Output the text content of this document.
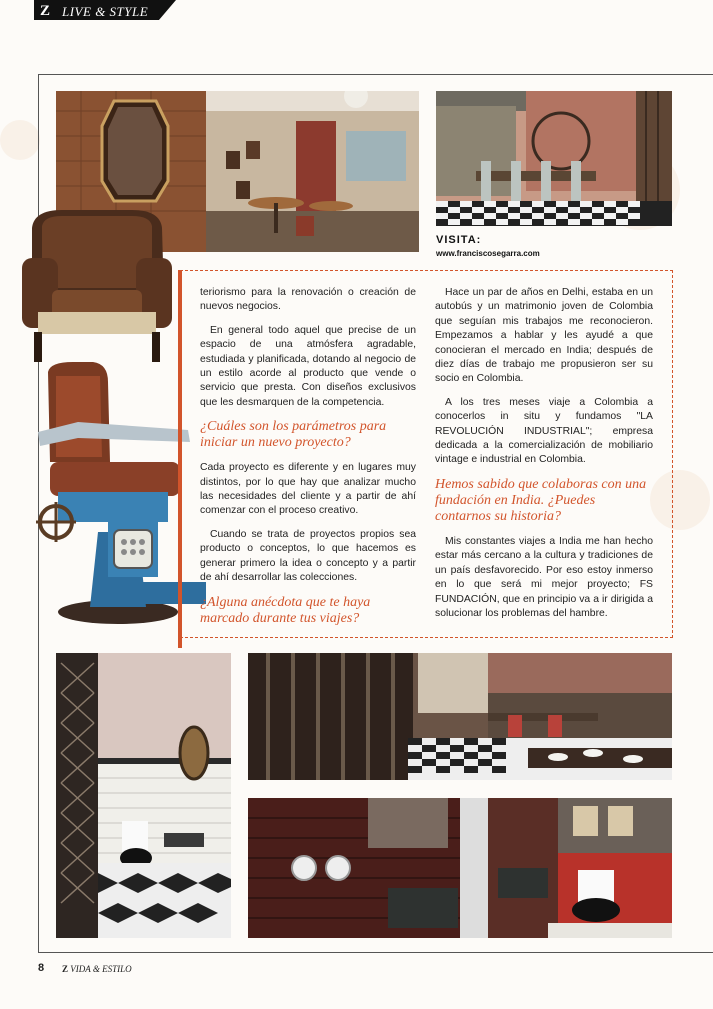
Z LIVE & STYLE
VISITA:
www.franciscosegarra.com

teriorismo para la renovación o creación de nuevos negocios.

En general todo aquel que precise de un espacio de una atmósfera agradable, estudiada y planificada, dotando al negocio de un estilo acorde al producto que vende o servicio que presta. Con diseños exclusivos que les desmarquen de la competencia.

¿Cuáles son los parámetros para iniciar un nuevo proyecto?

Cada proyecto es diferente y en lugares muy distintos, por lo que hay que analizar mucho las necesidades del cliente y a partir de ahí comenzar con el proceso creativo.

Cuando se trata de proyectos propios sea producto o conceptos, lo que hacemos es generar primero la idea o concepto y a partir de ahí desarrollar las colecciones.

¿Alguna anécdota que te haya marcado durante tus viajes?

Hace un par de años en Delhi, estaba en un autobús y un matrimonio joven de Colombia que seguían mis trabajos me reconocieron. Empezamos a hablar y les ayudé a que conocieran el mercado en India; después de diez días de trabajo me propusieron ser su socio en Colombia.

A los tres meses viaje a Colombia a conocerlos in situ y fundamos "LA REVOLUCIÓN INDUSTRIAL"; empresa dedicada a la comercialización de mobiliario vintage e industrial en Colombia.

Hemos sabido que colaboras con una fundación en India. ¿Puedes contarnos su historia?

Mis constantes viajes a India me han hecho estar más cercano a la cultura y tradiciones de un país desfavorecido. Por eso estoy inmerso en lo que será mi mejor proyecto; FS FUNDACIÓN, que en principio va a ir dirigida a solucionar los problemas del hambre.

8 Z VIDA & ESTILO
